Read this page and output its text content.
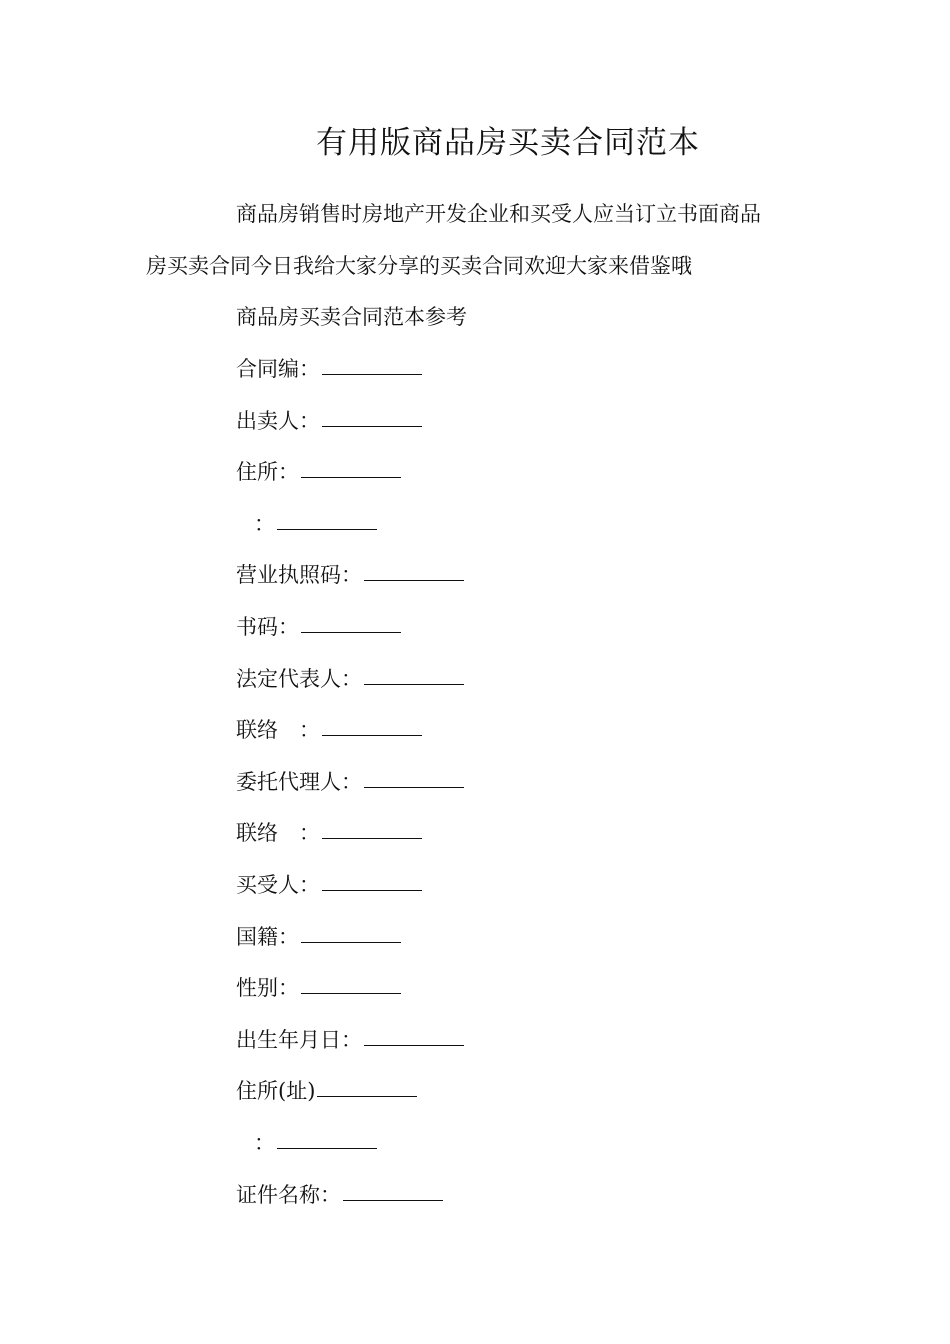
有用版商品房买卖合同范本
商品房销售时房地产开发企业和买受人应当订立书面商品
房买卖合同今日我给大家分享的买卖合同欢迎大家来借鉴哦
商品房买卖合同范本参考
合同编：
出卖人：
住所：
：
营业执照码：
书码：
法定代表人：
联络　：
委托代理人：
联络　：
买受人：
国籍：
性别：
出生年月日：
住所(址)
：
证件名称：
